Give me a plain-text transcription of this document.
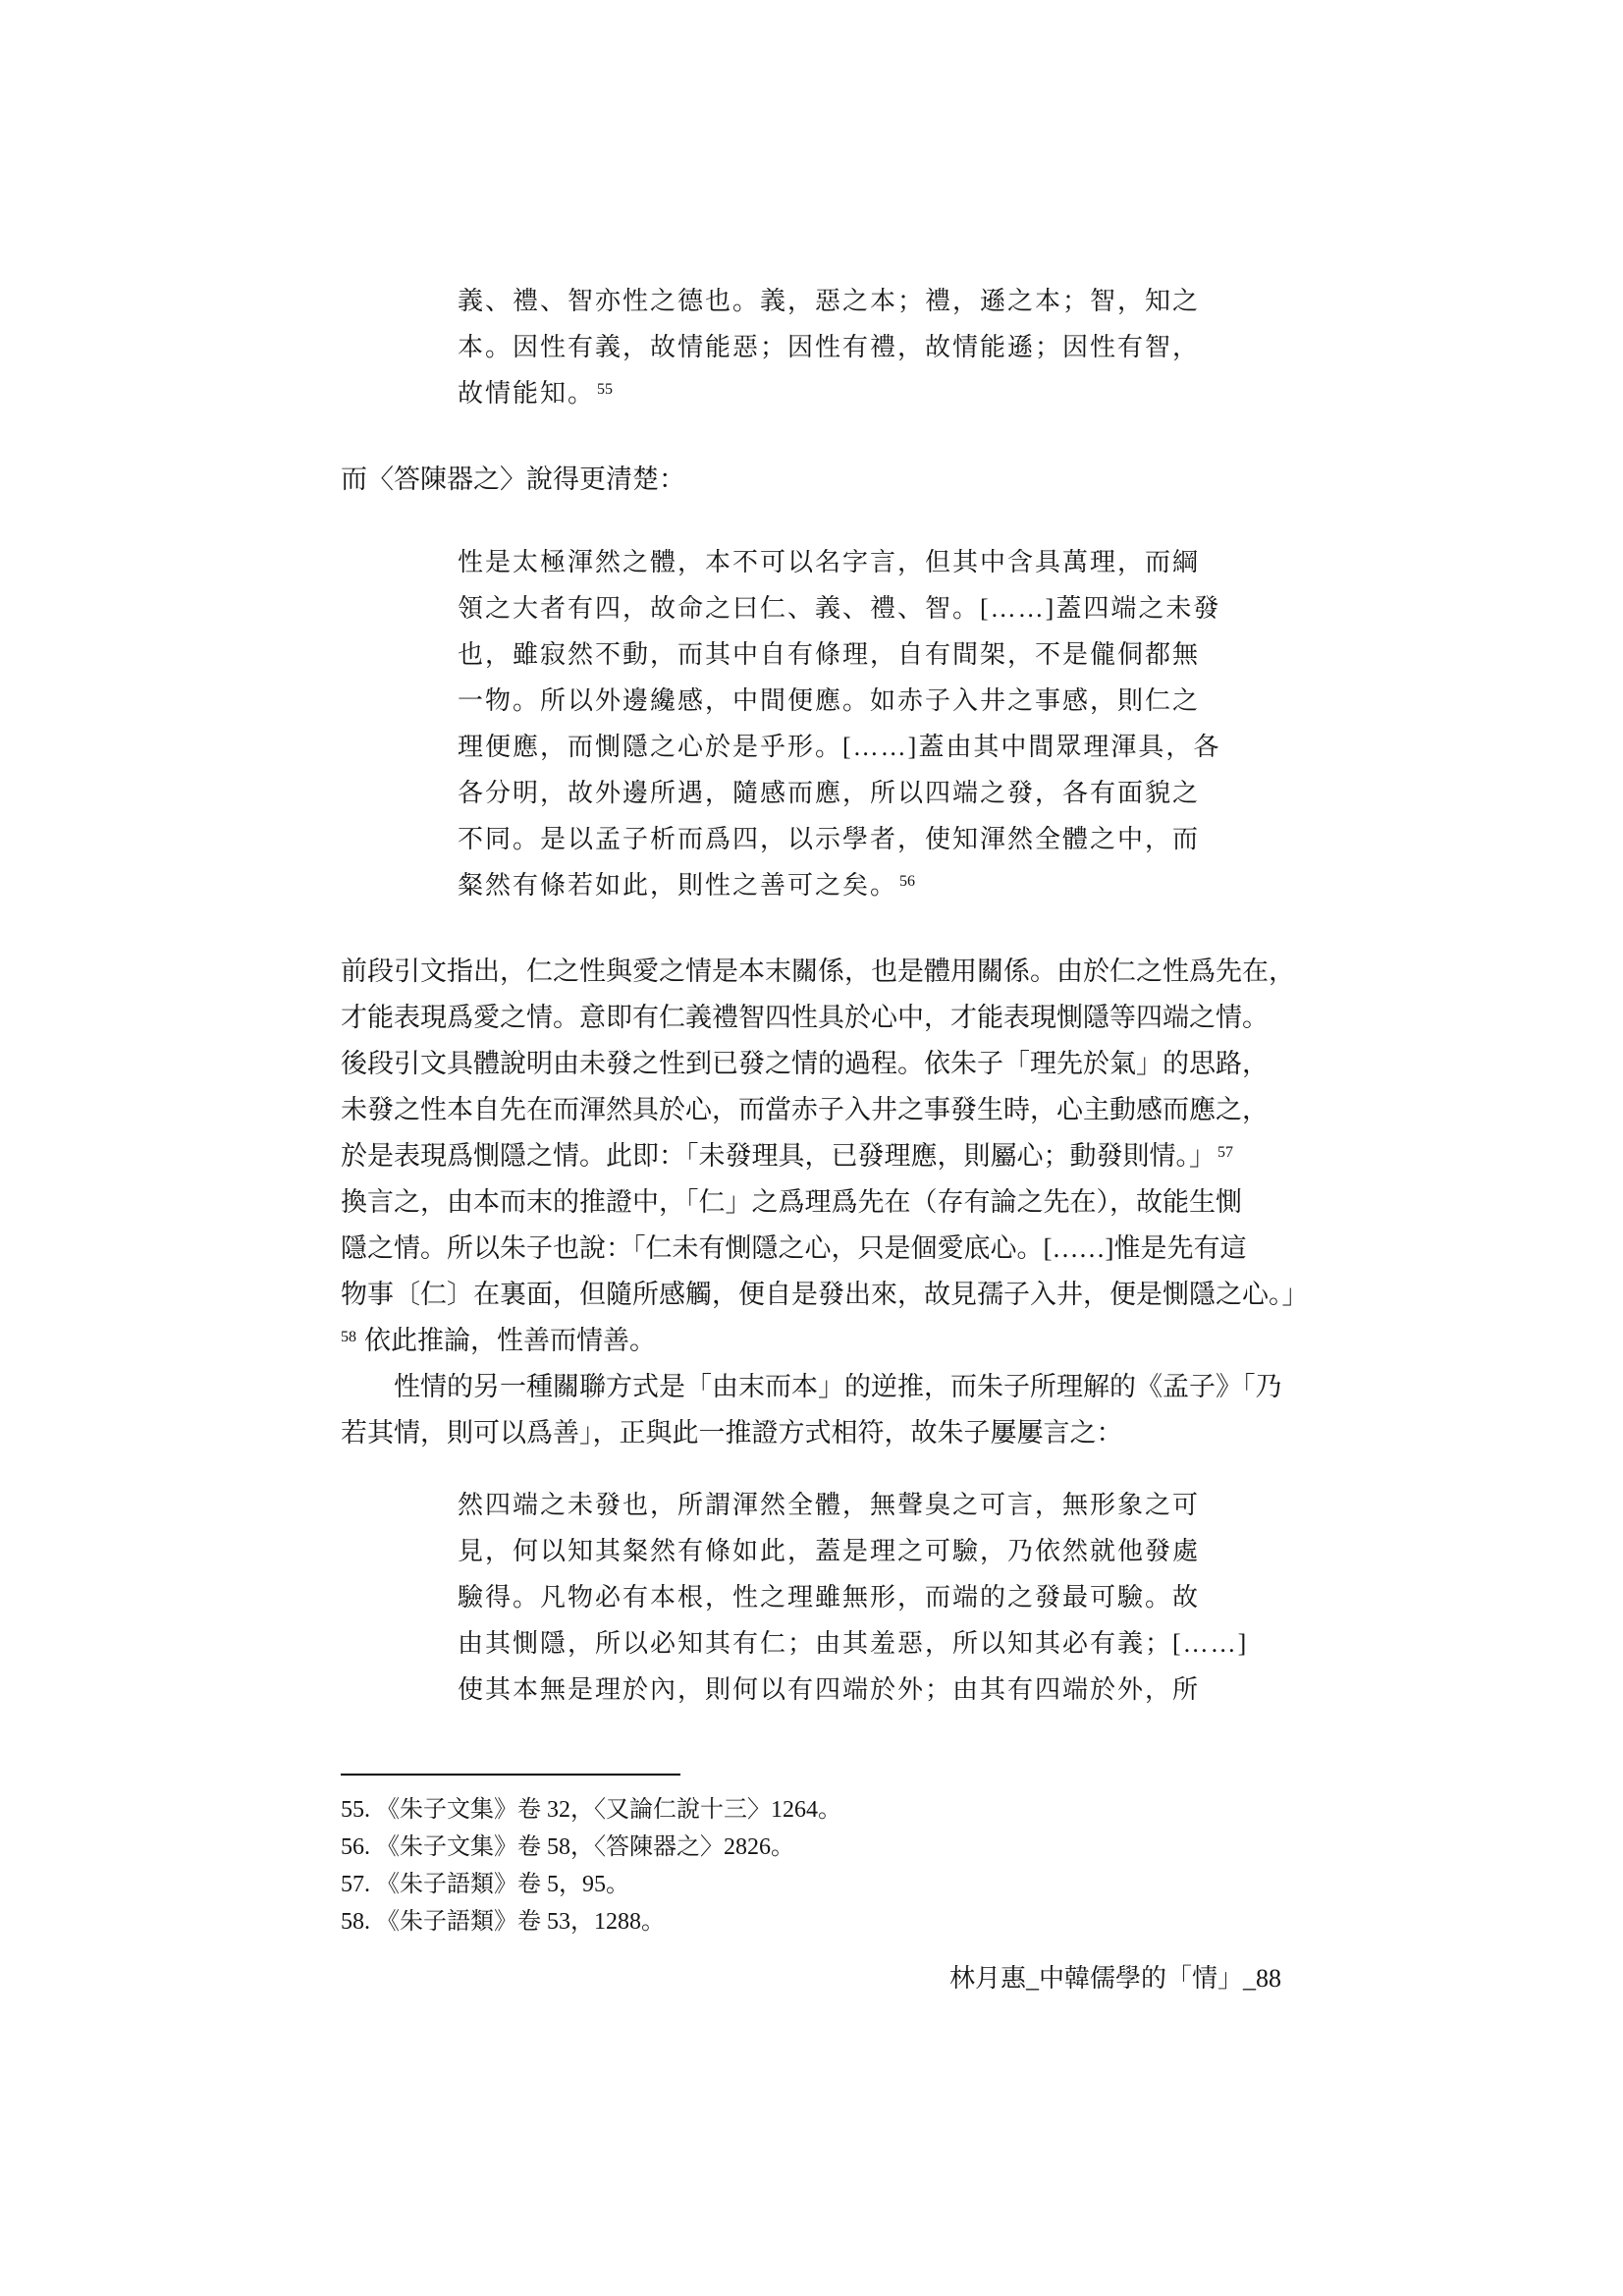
義、禮、智亦性之德也。義，惡之本；禮，遜之本；智，知之
本。因性有義，故情能惡；因性有禮，故情能遜；因性有智，
故情能知。 $^{55}$
而〈答陳器之〉說得更清楚：
性是太極渾然之體，本不可以名字言，但其中含具萬理，而綱
領之大者有四，故命之曰仁、義、禮、智。[……]蓋四端之未發
也，雖寂然不動，而其中自有條理，自有間架，不是儱侗都無
一物。所以外邊纔感，中間便應。如赤子入井之事感，則仁之
理便應，而惻隱之心於是乎形。[……]蓋由其中間眾理渾具，各
各分明，故外邊所遇，隨感而應，所以四端之發，各有面貌之
不同。是以孟子析而爲四，以示學者，使知渾然全體之中，而
粲然有條若如此，則性之善可之矣。 $^{56}$
前段引文指出，仁之性與愛之情是本末關係，也是體用關係。由於仁之性爲先在，
才能表現爲愛之情。意即有仁義禮智四性具於心中，才能表現惻隱等四端之情。
後段引文具體說明由未發之性到已發之情的過程。依朱子「理先於氣」的思路，
未發之性本自先在而渾然具於心，而當赤子入井之事發生時，心主動感而應之，
於是表現爲惻隱之情。此即：「未發理具，已發理應，則屬心；動發則情。」 $^{57}$
換言之，由本而末的推證中，「仁」之爲理爲先在（存有論之先在），故能生惻
隱之情。所以朱子也說：「仁未有惻隱之心，只是個愛底心。[……]惟是先有這
物事〔仁〕在裏面，但隨所感觸，便自是發出來，故見孺子入井，便是惻隱之心。」
$^{58}$ 依此推論，性善而情善。
性情的另一種關聯方式是「由末而本」的逆推，而朱子所理解的《孟子》「乃
若其情，則可以爲善」，正與此一推證方式相符，故朱子屢屢言之：
然四端之未發也，所謂渾然全體，無聲臭之可言，無形象之可
見，何以知其粲然有條如此，蓋是理之可驗，乃依然就他發處
驗得。凡物必有本根，性之理雖無形，而端的之發最可驗。故
由其惻隱，所以必知其有仁；由其羞惡，所以知其必有義；[……]
使其本無是理於內，則何以有四端於外；由其有四端於外，所
55. 《朱子文集》卷 32，〈又論仁說十三〉1264。
56. 《朱子文集》卷 58，〈答陳器之〉2826。
57. 《朱子語類》卷 5，95。
58. 《朱子語類》卷 53，1288。
林月惠_中韓儒學的「情」_88
